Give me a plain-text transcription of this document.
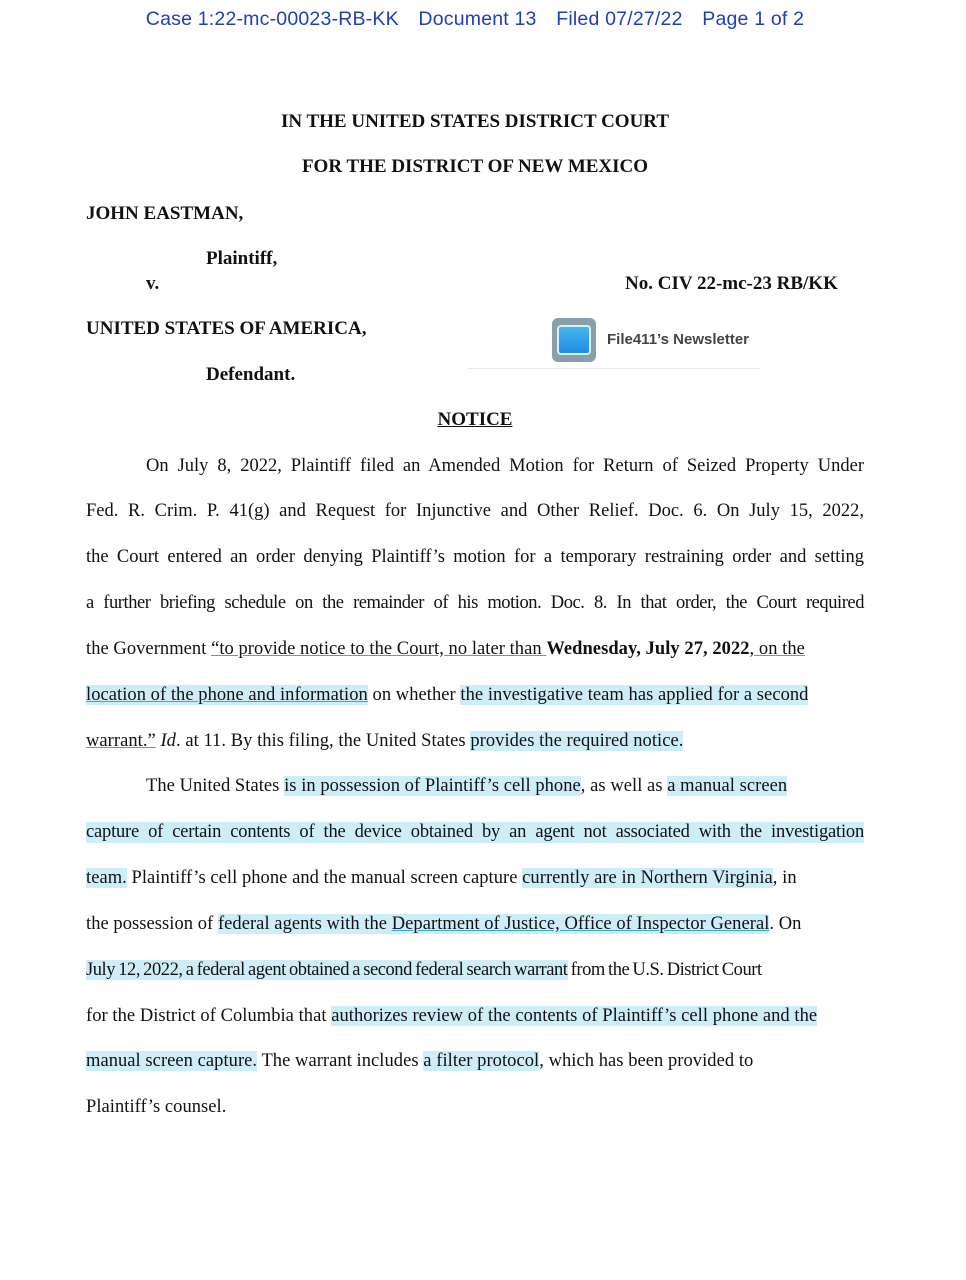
Case 1:22-mc-00023-RB-KK Document 13 Filed 07/27/22 Page 1 of 2
IN THE UNITED STATES DISTRICT COURT
FOR THE DISTRICT OF NEW MEXICO
JOHN EASTMAN,
Plaintiff,
v.	No. CIV 22-mc-23 RB/KK
UNITED STATES OF AMERICA,
Defendant.
File411’s Newsletter
NOTICE
On July 8, 2022, Plaintiff filed an Amended Motion for Return of Seized Property Under
Fed. R. Crim. P. 41(g) and Request for Injunctive and Other Relief. Doc. 6. On July 15, 2022,
the Court entered an order denying Plaintiff’s motion for a temporary restraining order and setting
a further briefing schedule on the remainder of his motion. Doc. 8. In that order, the Court required
the Government “to provide notice to the Court, no later than Wednesday, July 27, 2022, on the
location of the phone and information on whether the investigative team has applied for a second
warrant.” Id. at 11. By this filing, the United States provides the required notice.
The United States is in possession of Plaintiff’s cell phone, as well as a manual screen
capture of certain contents of the device obtained by an agent not associated with the investigation
team. Plaintiff’s cell phone and the manual screen capture currently are in Northern Virginia, in
the possession of federal agents with the Department of Justice, Office of Inspector General. On
July 12, 2022, a federal agent obtained a second federal search warrant from the U.S. District Court
for the District of Columbia that authorizes review of the contents of Plaintiff’s cell phone and the
manual screen capture. The warrant includes a filter protocol, which has been provided to
Plaintiff’s counsel.
